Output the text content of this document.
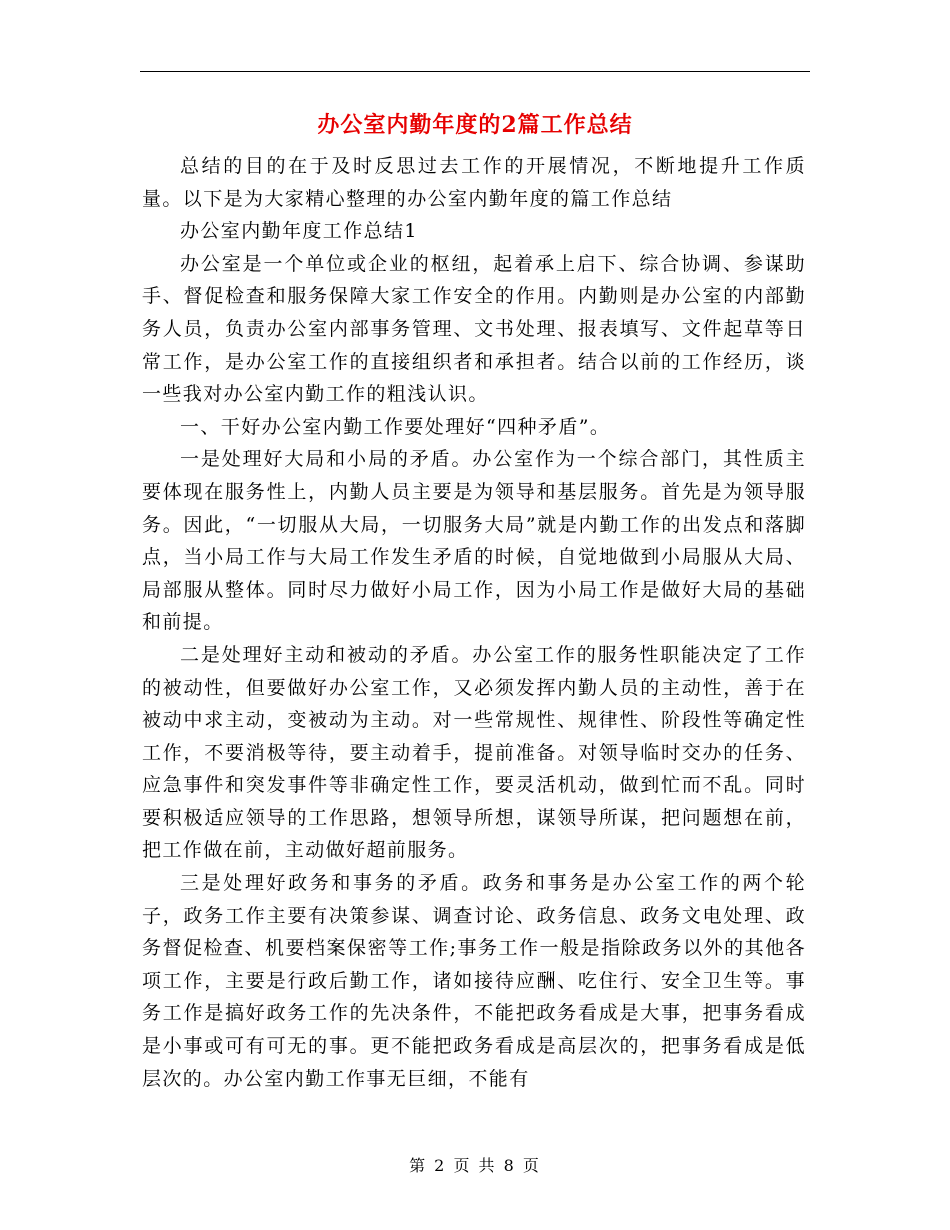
办公室内勤年度的2篇工作总结

总结的目的在于及时反思过去工作的开展情况，不断地提升工作质量。以下是为大家精心整理的办公室内勤年度的篇工作总结

办公室内勤年度工作总结1

办公室是一个单位或企业的枢纽，起着承上启下、综合协调、参谋助手、督促检查和服务保障大家工作安全的作用。内勤则是办公室的内部勤务人员，负责办公室内部事务管理、文书处理、报表填写、文件起草等日常工作，是办公室工作的直接组织者和承担者。结合以前的工作经历，谈一些我对办公室内勤工作的粗浅认识。

一、干好办公室内勤工作要处理好“四种矛盾”。

一是处理好大局和小局的矛盾。办公室作为一个综合部门，其性质主要体现在服务性上，内勤人员主要是为领导和基层服务。首先是为领导服务。因此，“一切服从大局，一切服务大局”就是内勤工作的出发点和落脚点，当小局工作与大局工作发生矛盾的时候，自觉地做到小局服从大局、局部服从整体。同时尽力做好小局工作，因为小局工作是做好大局的基础和前提。

二是处理好主动和被动的矛盾。办公室工作的服务性职能决定了工作的被动性，但要做好办公室工作，又必须发挥内勤人员的主动性，善于在被动中求主动，变被动为主动。对一些常规性、规律性、阶段性等确定性工作，不要消极等待，要主动着手，提前准备。对领导临时交办的任务、应急事件和突发事件等非确定性工作，要灵活机动，做到忙而不乱。同时要积极适应领导的工作思路，想领导所想，谋领导所谋，把问题想在前，把工作做在前，主动做好超前服务。

三是处理好政务和事务的矛盾。政务和事务是办公室工作的两个轮子，政务工作主要有决策参谋、调查讨论、政务信息、政务文电处理、政务督促检查、机要档案保密等工作;事务工作一般是指除政务以外的其他各项工作，主要是行政后勤工作，诸如接待应酬、吃住行、安全卫生等。事务工作是搞好政务工作的先决条件，不能把政务看成是大事，把事务看成是小事或可有可无的事。更不能把政务看成是高层次的，把事务看成是低层次的。办公室内勤工作事无巨细，不能有

第 2 页 共 8 页
